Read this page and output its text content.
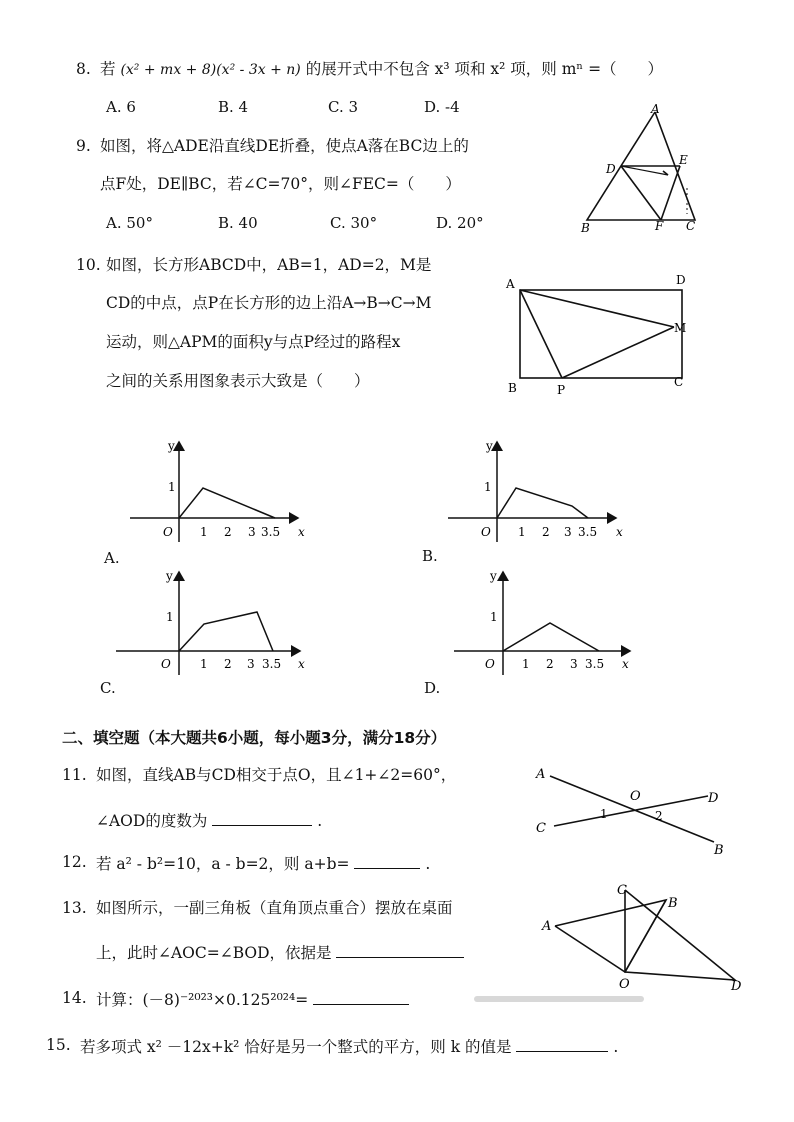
8. 若 (x² + mx + 8)(x² - 3x + n) 的展开式中不包含 x³ 项和 x² 项，则 mⁿ =（　　）
A. 6	B. 4	C. 3	D. -4
9. 如图，将△ADE沿直线DE折叠，使点A落在BC边上的
点F处，DE∥BC，若∠C=70°，则∠FEC=（　　）
A. 50°	B. 40	C. 30°	D. 20°
A
D
E
B	F C
10. 如图，长方形ABCD中，AB=1，AD=2，M是
CD的中点，点P在长方形的边上沿A→B→C→M
运动，则△APM的面积y与点P经过的路程x
之间的关系用图象表示大致是（　　）
A	D
M
B	P
C
y
1
O 1 2 3 3.5 x
A.
y
1
O 1 2 3 3.5 x
B.
y
1
O 1 2 3 3.5 x
C.
y
1
O 1 2 3 3.5 x
D.
二、填空题（本大题共6小题，每小题3分，满分18分）
11. 如图，直线AB与CD相交于点O，且∠1+∠2=60°，
∠AOD的度数为	.
A
O	D
C
1	2
B
12. 若 a² - b²=10，a - b=2，则 a+b=	.
13. 如图所示，一副三角板（直角顶点重合）摆放在桌面
上，此时∠AOC=∠BOD，依据是
C
B
A
O	D
14. 计算：(－8)⁻²⁰²³×0.125²⁰²⁴=
15. 若多项式 x² －12x+k² 恰好是另一个整式的平方，则 k 的值是	.
